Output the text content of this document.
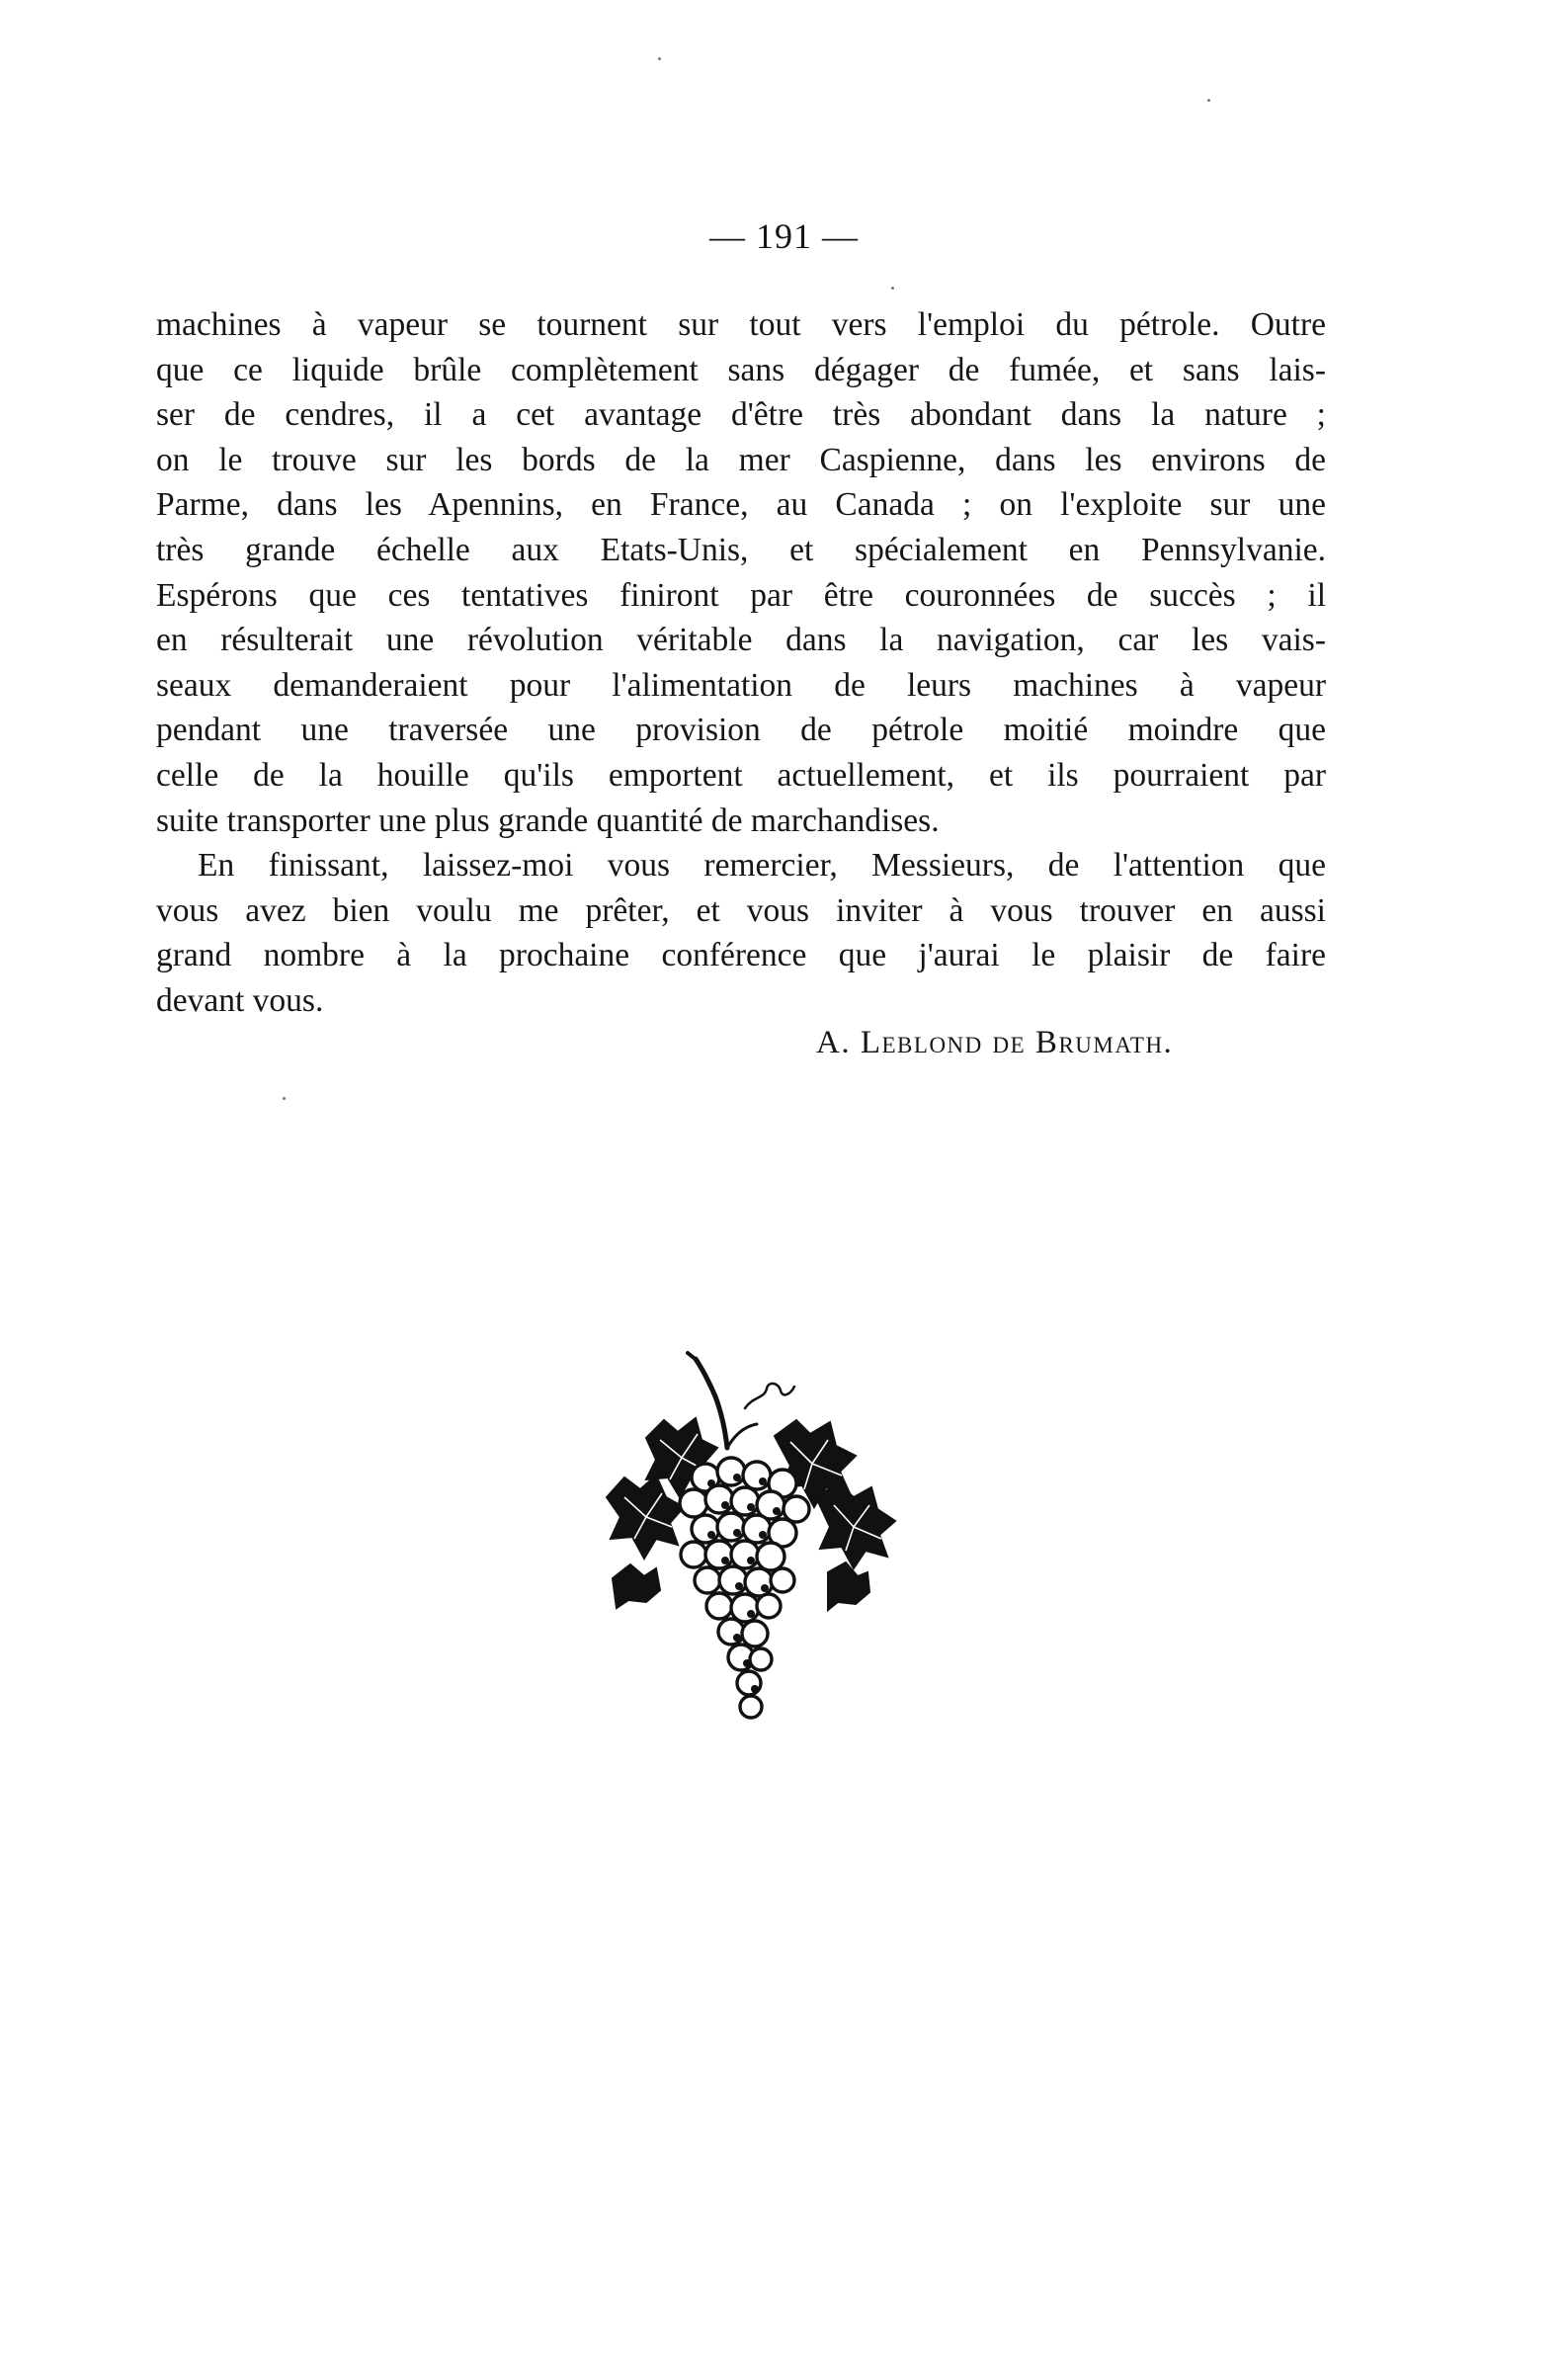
— 191 —
machines à vapeur se tournent sur tout vers l'emploi du pétrole. Outre
que ce liquide brûle complètement sans dégager de fumée, et sans lais-
ser de cendres, il a cet avantage d'être très abondant dans la nature ;
on le trouve sur les bords de la mer Caspienne, dans les environs de
Parme, dans les Apennins, en France, au Canada ; on l'exploite sur une
très grande échelle aux Etats-Unis, et spécialement en Pennsylvanie.
Espérons que ces tentatives finiront par être couronnées de succès ; il
en résulterait une révolution véritable dans la navigation, car les vais-
seaux demanderaient pour l'alimentation de leurs machines à vapeur
pendant une traversée une provision de pétrole moitié moindre que
celle de la houille qu'ils emportent actuellement, et ils pourraient par
suite transporter une plus grande quantité de marchandises.
En finissant, laissez-moi vous remercier, Messieurs, de l'attention que
vous avez bien voulu me prêter, et vous inviter à vous trouver en aussi
grand nombre à la prochaine conférence que j'aurai le plaisir de faire
devant vous.
A. Leblond de Brumath.
